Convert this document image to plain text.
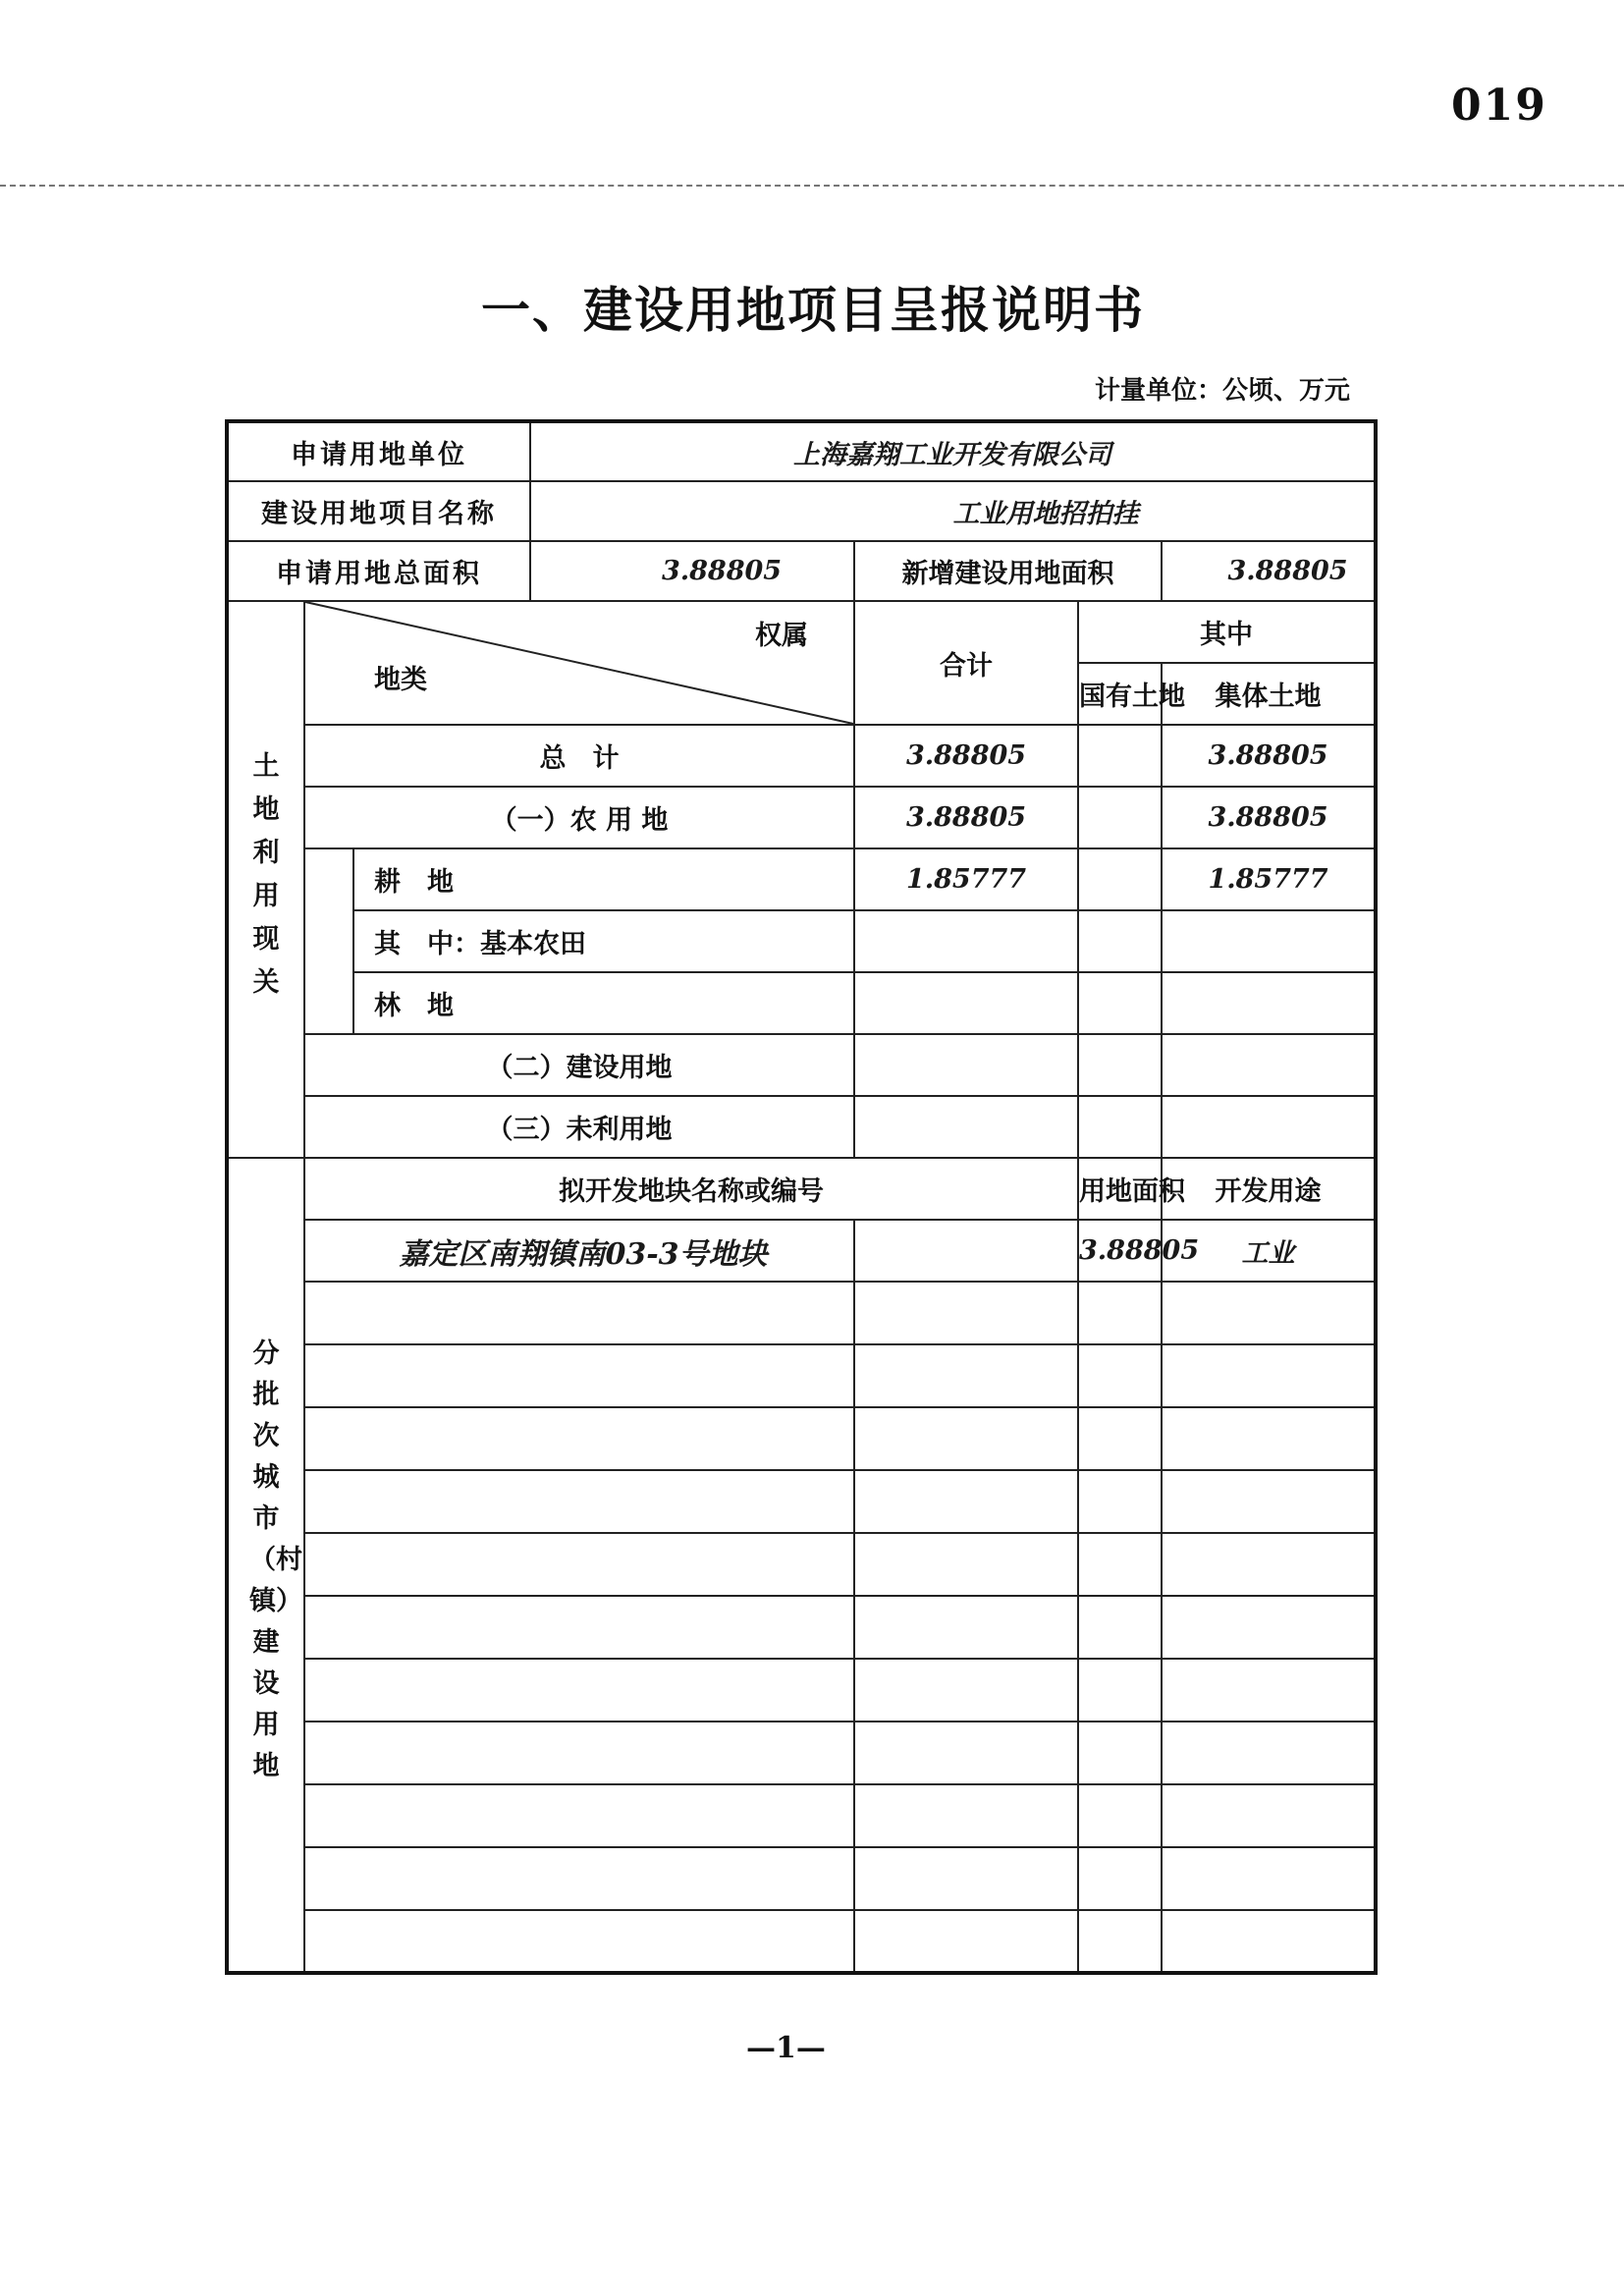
019
一、建设用地项目呈报说明书
计量单位：公顷、万元
申请用地单位			上海嘉翔工业开发有限公司			
建设用地项目名称			工业用地招拍挂			
申请用地总面积			3.88805	新增建设用地面积		3.88805
土地利用现关	权属
地类			合计	其中	
					国有土地	集体土地
	总　计			3.88805		3.88805
	（一）农 用 地			3.88805		3.88805
		耕　地		1.85777		1.85777
		其　中：基本农田				
		林　地				
	（二）建设用地					
	（三）未利用地					
分批次城市（村镇）建设用地	拟开发地块名称或编号				用地面积	开发用途
	嘉定区南翔镇南03-3号地块				3.88805	工业

—1—
